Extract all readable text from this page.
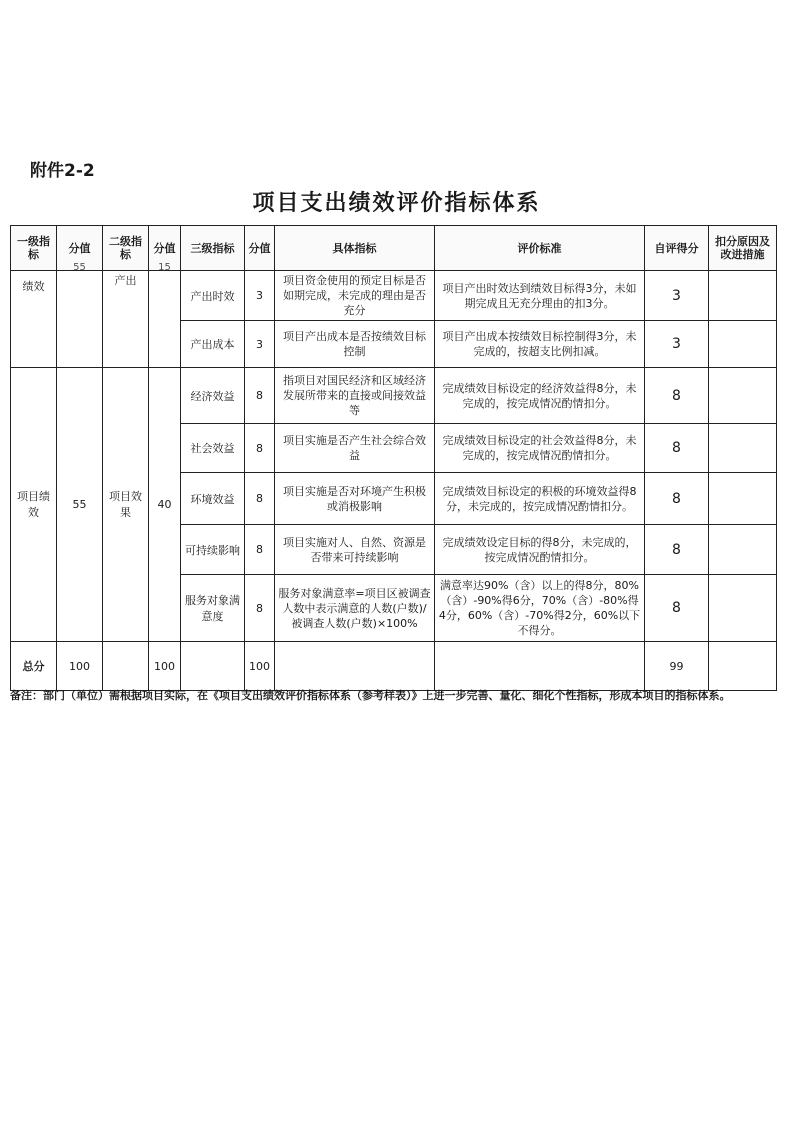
附件2-2
项目支出绩效评价指标体系
一级指标	分值	二级指标	分值	三级指标	分值	具体指标	评价标准	自评得分	扣分原因及改进措施
绩效	55	产出	15	产出时效	3	项目资金使用的预定目标是否如期完成，未完成的理由是否充分	项目产出时效达到绩效目标得3分，未如期完成且无充分理由的扣3分。	3	
				产出成本	3	项目产出成本是否按绩效目标控制	项目产出成本按绩效目标控制得3分，未完成的，按超支比例扣减。	3	
项目绩效	55	项目效果	40	经济效益	8	指项目对国民经济和区域经济发展所带来的直接或间接效益等	完成绩效目标设定的经济效益得8分，未完成的，按完成情况酌情扣分。	8	
				社会效益	8	项目实施是否产生社会综合效益	完成绩效目标设定的社会效益得8分，未完成的，按完成情况酌情扣分。	8	
				环境效益	8	项目实施是否对环境产生积极或消极影响	完成绩效目标设定的积极的环境效益得8分，未完成的，按完成情况酌情扣分。	8	
				可持续影响	8	项目实施对人、自然、资源是否带来可持续影响	完成绩效设定目标的得8分，未完成的，按完成情况酌情扣分。	8	
				服务对象满意度	8	服务对象满意率=项目区被调查人数中表示满意的人数(户数)/ 被调查人数(户数)×100%	满意率达90%（含）以上的得8分，80%（含）-90%得6分，70%（含）-80%得4分，60%（含）-70%得2分，60%以下不得分。	8	
总分	100		100		100			99	
备注：部门（单位）需根据项目实际，在《项目支出绩效评价指标体系（参考样表）》上进一步完善、量化、细化个性指标，形成本项目的指标体系。
